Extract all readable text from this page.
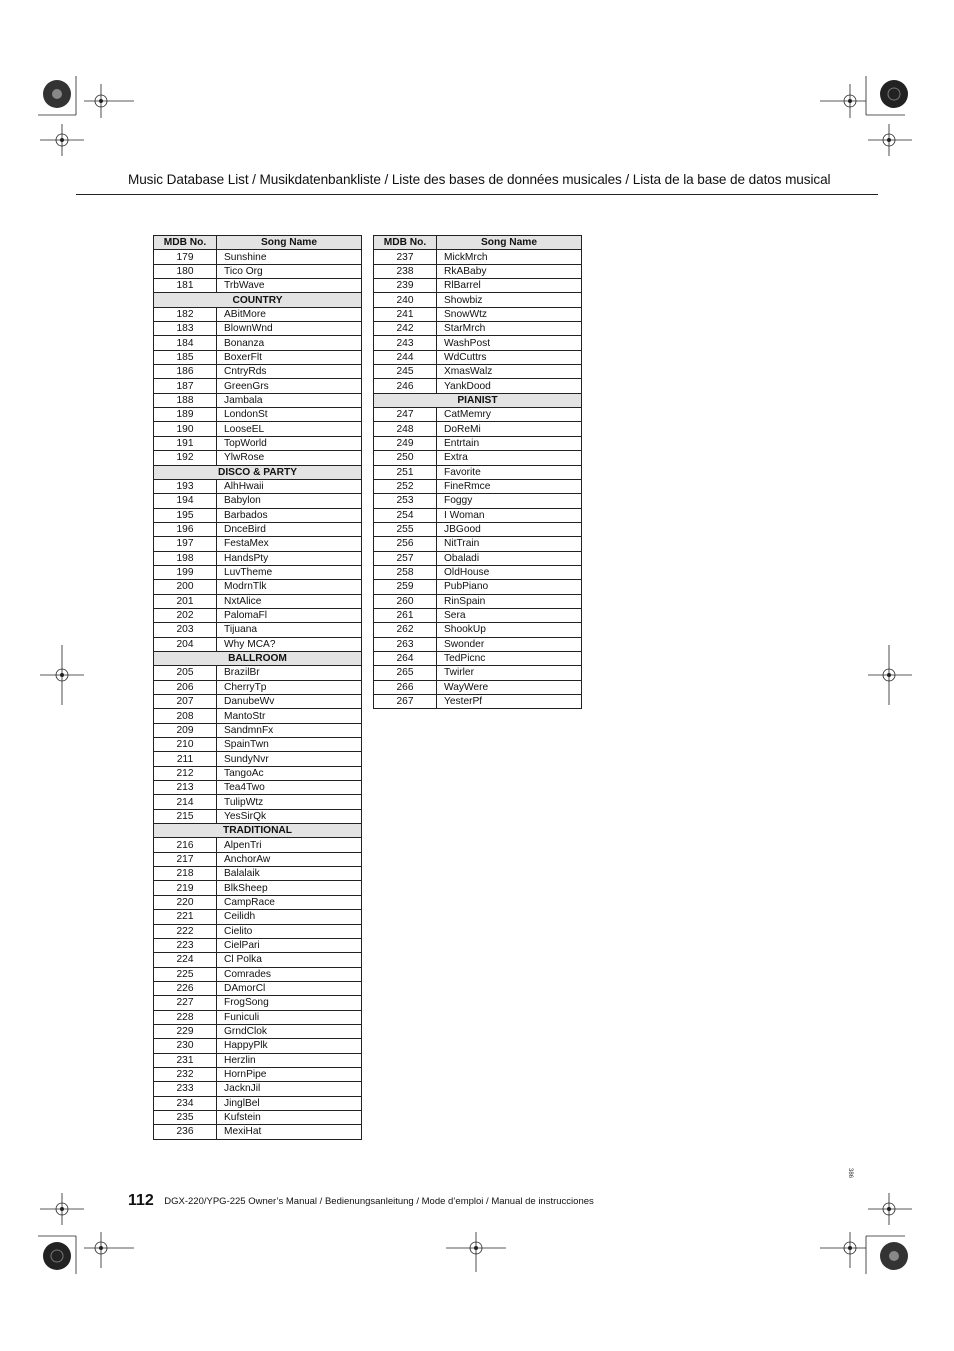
Music Database List / Musikdatenbankliste / Liste des bases de données musicales / Lista de la base de datos musical
MDB No.	Song Name
179	Sunshine
180	Tico Org
181	TrbWave
COUNTRY	
182	ABitMore
183	BlownWnd
184	Bonanza
185	BoxerFlt
186	CntryRds
187	GreenGrs
188	Jambala
189	LondonSt
190	LooseEL
191	TopWorld
192	YlwRose
DISCO & PARTY	
193	AlhHwaii
194	Babylon
195	Barbados
196	DnceBird
197	FestaMex
198	HandsPty
199	LuvTheme
200	ModrnTlk
201	NxtAlice
202	PalomaFl
203	Tijuana
204	Why MCA?
BALLROOM	
205	BrazilBr
206	CherryTp
207	DanubeWv
208	MantoStr
209	SandmnFx
210	SpainTwn
211	SundyNvr
212	TangoAc
213	Tea4Two
214	TulipWtz
215	YesSirQk
TRADITIONAL	
216	AlpenTri
217	AnchorAw
218	Balalaik
219	BlkSheep
220	CampRace
221	Ceilidh
222	Cielito
223	CielPari
224	Cl Polka
225	Comrades
226	DAmorCl
227	FrogSong
228	Funiculi
229	GrndClok
230	HappyPlk
231	Herzlin
232	HornPipe
233	JacknJil
234	JinglBel
235	Kufstein
236	MexiHat
MDB No.	Song Name
237	MickMrch
238	RkABaby
239	RlBarrel
240	Showbiz
241	SnowWtz
242	StarMrch
243	WashPost
244	WdCuttrs
245	XmasWalz
246	YankDood
PIANIST	
247	CatMemry
248	DoReMi
249	Entrtain
250	Extra
251	Favorite
252	FineRmce
253	Foggy
254	I Woman
255	JBGood
256	NitTrain
257	Obaladi
258	OldHouse
259	PubPiano
260	RinSpain
261	Sera
262	ShookUp
263	Swonder
264	TedPicnc
265	Twirler
266	WayWere
267	YesterPf
112 DGX-220/YPG-225 Owner’s Manual / Bedienungsanleitung / Mode d’emploi / Manual de instrucciones
386
